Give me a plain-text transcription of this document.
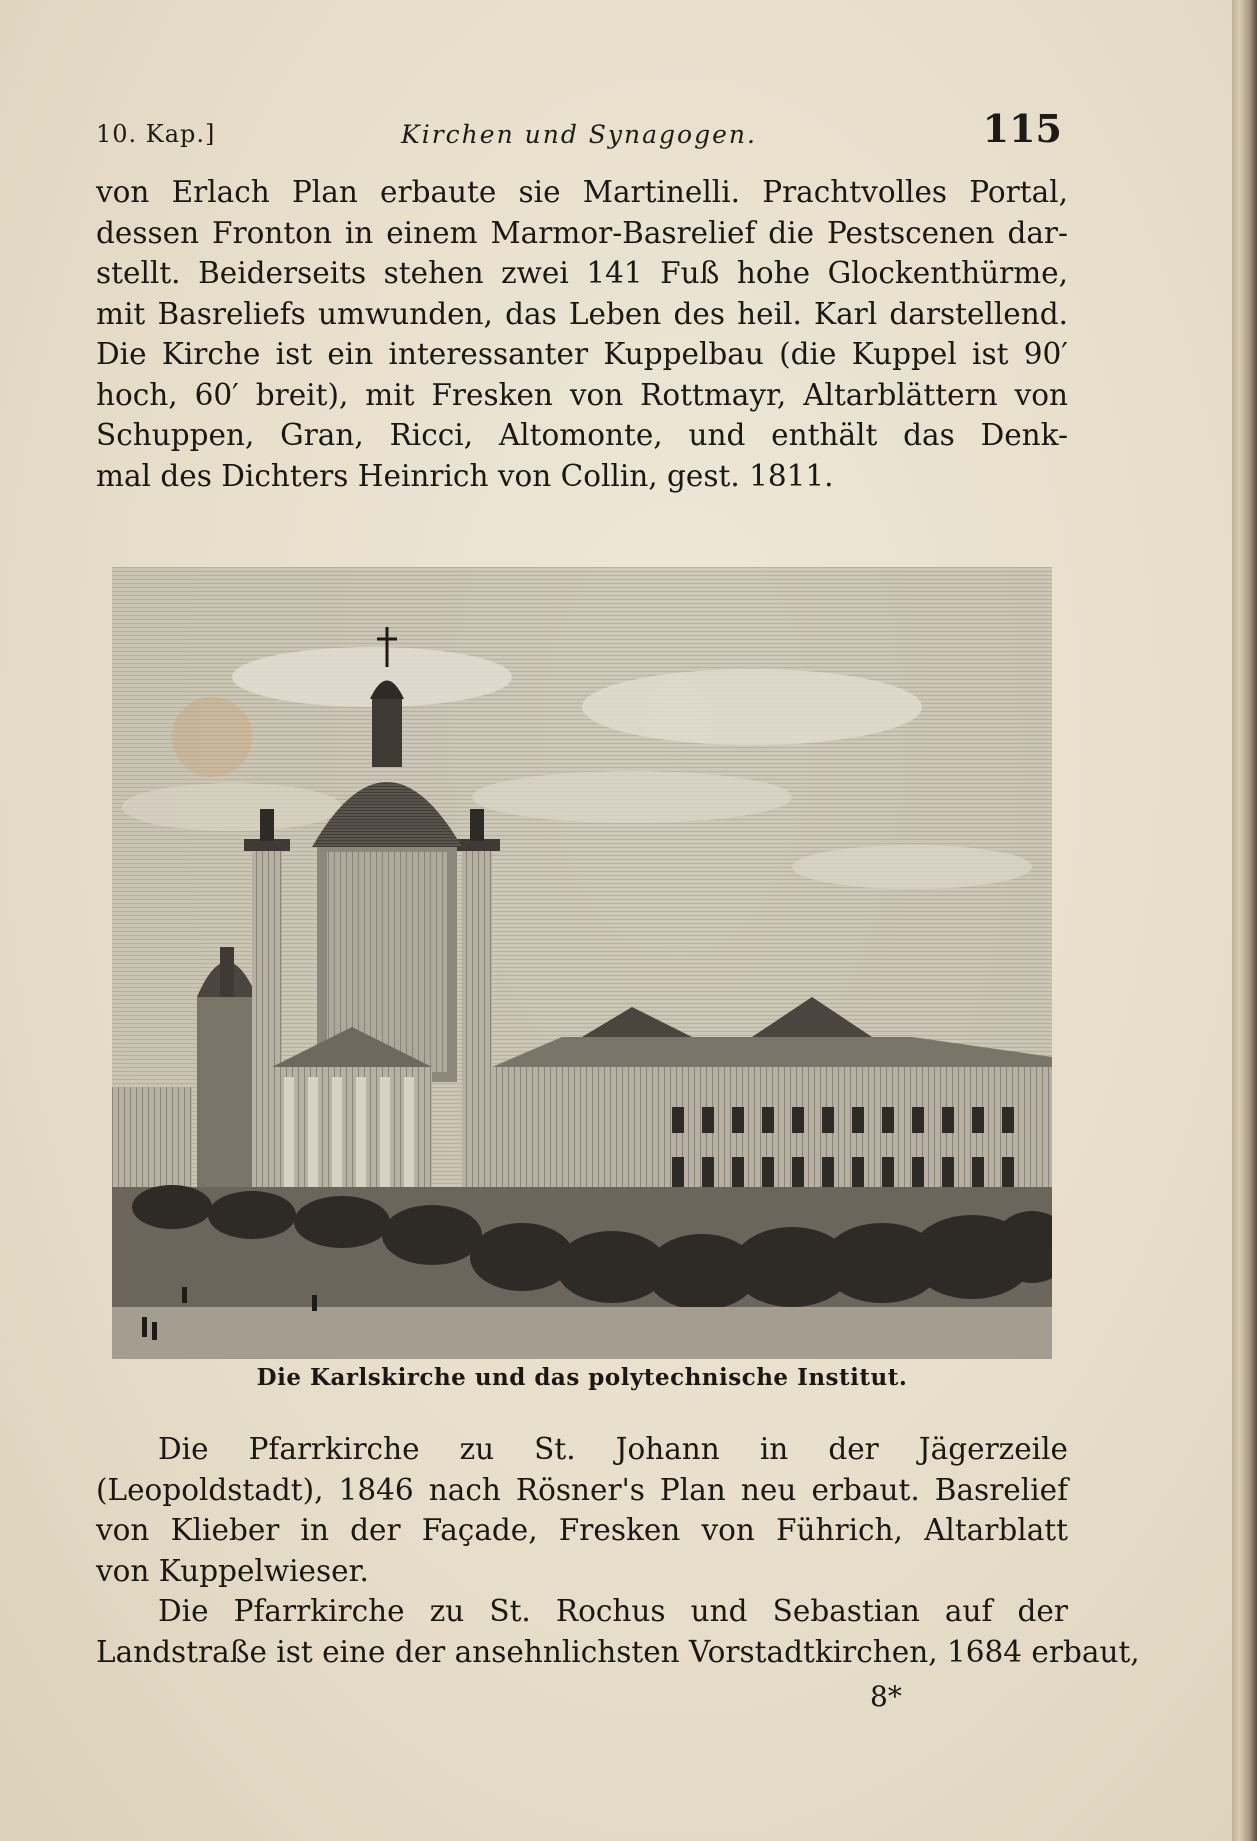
10. Kap.]	Kirchen und Synagogen.	115
von Erlach Plan erbaute sie Martinelli. Prachtvolles Portal,
dessen Fronton in einem Marmor-Basrelief die Pestscenen dar-
stellt. Beiderseits stehen zwei 141 Fuß hohe Glockenthürme,
mit Basreliefs umwunden, das Leben des heil. Karl darstellend.
Die Kirche ist ein interessanter Kuppelbau (die Kuppel ist 90′
hoch, 60′ breit), mit Fresken von Rottmayr, Altarblättern von
Schuppen, Gran, Ricci, Altomonte, und enthält das Denk-
mal des Dichters Heinrich von Collin, gest. 1811.
Die Karlskirche und das polytechnische Institut.
Die Pfarrkirche zu St. Johann in der Jägerzeile
(Leopoldstadt), 1846 nach Rösner's Plan neu erbaut. Basrelief
von Klieber in der Façade, Fresken von Führich, Altarblatt
von Kuppelwieser.
Die Pfarrkirche zu St. Rochus und Sebastian auf der
Landstraße ist eine der ansehnlichsten Vorstadtkirchen, 1684 erbaut,
8*
